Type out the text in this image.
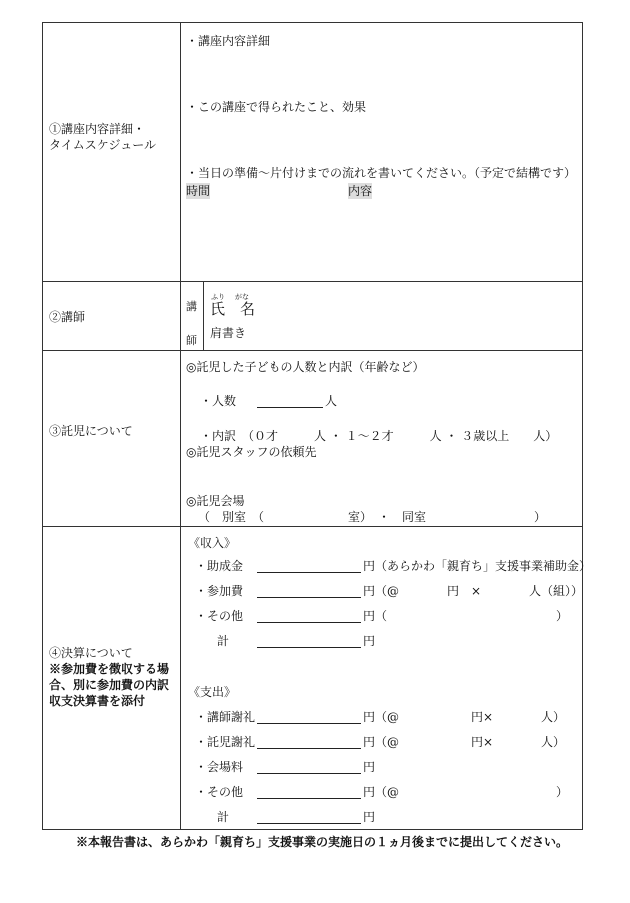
①講座内容詳細・
タイムスケジュール
・講座内容詳細
・この講座で得られたこと、効果
・当日の準備～片付けまでの流れを書いてください。（予定で結構です）
時間	内容
②講師
講
師
ふり がな
氏　名
肩書き
③託児について
◎託児した子どもの人数と内訳（年齢など）
・人数	人
・内訳　（０才　　　人 ・ １～２才　　　人 ・ ３歳以上　　人）
◎託児スタッフの依頼先
◎託児会場
（　別室　（　　　　　　　室）　・　同室　　　　　　　　　）
④決算について
※参加費を徴収する場
合、別に参加費の内訳
収支決算書を添付
《収入》
・助成金	円 （あらかわ「親育ち」支援事業補助金）
・参加費	円 （@　　　　円　×　　　　人（組））
・その他	円 （	）
計	円
《支出》
・講師謝礼	円 （@　　　　　　円×　　　　人）
・託児謝礼	円 （@　　　　　　円×　　　　人）
・会場料	円
・その他	円 （@	）
計	円
※本報告書は、あらかわ「親育ち」支援事業の実施日の１ヵ月後までに提出してください。
